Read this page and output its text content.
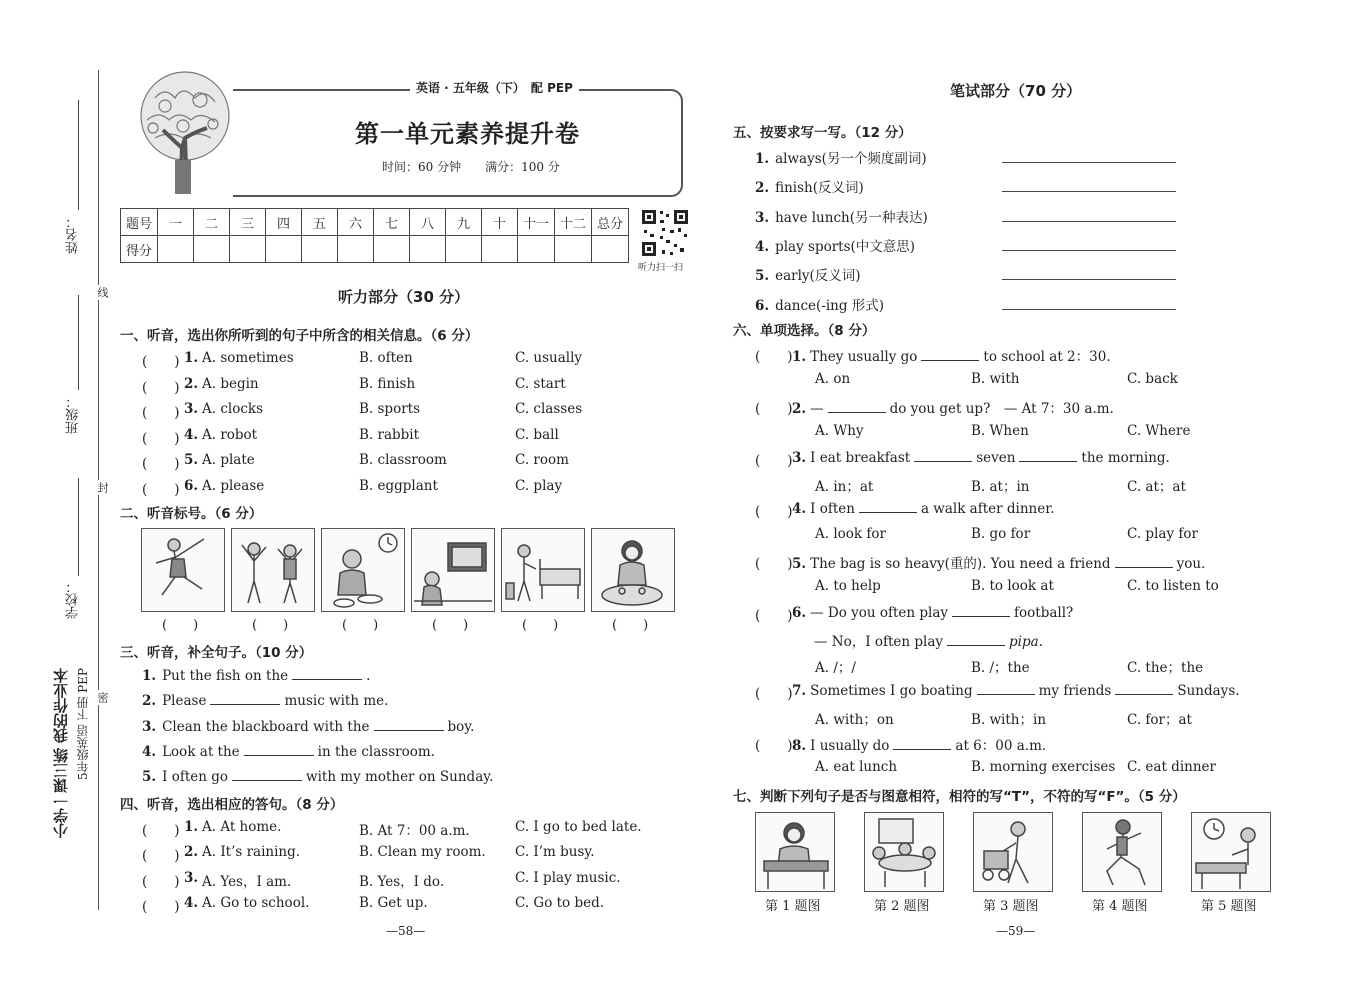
姓名：
线
班级：
封
学校：
密
小学一课三练 我的作业本 5年级英语 下册 PEP
英语 · 五年级（下）　配 PEP
第一单元素养提升卷
时间：60 分钟　　满分：100 分
题号	一	二	三	四	五	六	七	八	九	十	十一	十二	总分
得分													
听力扫一扫
听力部分（30 分）
一、听音，选出你所听到的句子中所含的相关信息。（6 分）
(　　) 1. A. sometimes	B. often	C. usually
(　　) 2. A. begin	B. finish	C. start
(　　) 3. A. clocks	B. sports	C. classes
(　　) 4. A. robot	B. rabbit	C. ball
(　　) 5. A. plate	B. classroom	C. room
(　　) 6. A. please	B. eggplant	C. play
二、听音标号。（6 分）
(　　)	(　　)	(　　)	(　　)	(　　)	(　　)
三、听音，补全句子。（10 分）
1. Put the fish on the	.
2. Please	music with me.
3. Clean the blackboard with the	boy.
4. Look at the	in the classroom.
5. I often go	with my mother on Sunday.
四、听音，选出相应的答句。（8 分）
(　　) 1. A. At home.	B. At 7：00 a.m.	C. I go to bed late.
(　　) 2. A. It’s raining.	B. Clean my room. C. I’m busy.
(　　) 3. A. Yes，I am.	B. Yes，I do.	C. I play music.
(　　) 4. A. Go to school.	B. Get up.	C. Go to bed.
—58—
笔试部分（70 分）
五、按要求写一写。（12 分）
1. always(另一个频度副词)
2. finish(反义词)
3. have lunch(另一种表达)
4. play sports(中文意思)
5. early(反义词)
6. dance(-ing 形式)
六、单项选择。（8 分）
(　　) 1. They usually go	to school at 2：30.
A. on	B. with	C. back
(　　) 2. —	do you get up?　— At 7：30 a.m.
A. Why	B. When	C. Where
(　　) 3. I eat breakfast	seven	the morning.
A. in；at	B. at；in	C. at；at
(　　) 4. I often	a walk after dinner.
A. look for	B. go for	C. play for
(　　) 5. The bag is so heavy(重的). You need a friend	you.
A. to help	B. to look at	C. to listen to
(　　) 6. — Do you often play	football?
— No，I often play	pipa.
A. /；/	B. /；the	C. the；the
(　　) 7. Sometimes I go boating	my friends	Sundays.
A. with；on	B. with；in	C. for；at
(　　) 8. I usually do	at 6：00 a.m.
A. eat lunch	B. morning exercises C. eat dinner
七、判断下列句子是否与图意相符，相符的写“T”，不符的写“F”。（5 分）
第 1 题图	第 2 题图	第 3 题图	第 4 题图	第 5 题图
—59—
